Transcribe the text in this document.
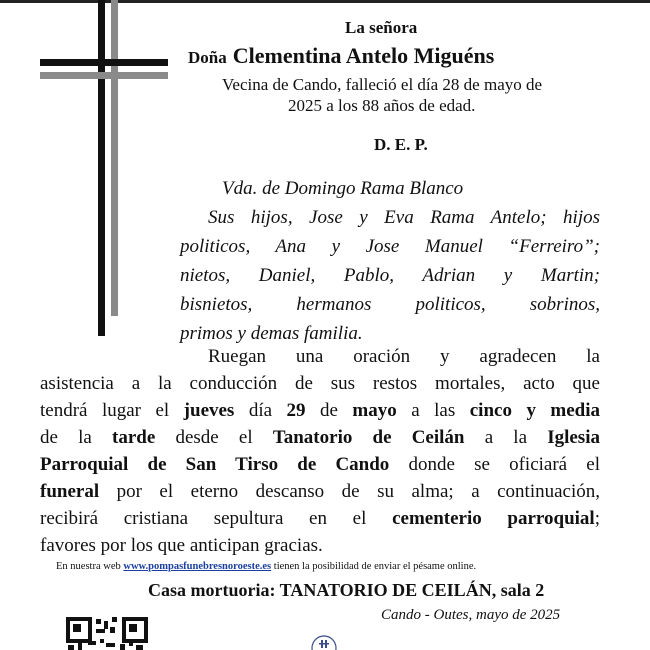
La señora
Doña Clementina Antelo Miguéns
Vecina de Cando, falleció el día 28 de mayo de
2025 a los 88 años de edad.
D. E. P.
Vda. de Domingo Rama Blanco
Sus hijos, Jose y Eva Rama Antelo; hijos
politicos, Ana y Jose Manuel “Ferreiro”;
nietos, Daniel, Pablo, Adrian y Martin;
bisnietos, hermanos politicos, sobrinos,
primos y demas familia.
Ruegan una oración y agradecen la
asistencia a la conducción de sus restos mortales, acto que
tendrá lugar el jueves día 29 de mayo a las cinco y media
de la tarde desde el Tanatorio de Ceilán a la Iglesia
Parroquial de San Tirso de Cando donde se oficiará el
funeral por el eterno descanso de su alma; a continuación,
recibirá cristiana sepultura en el cementerio parroquial;
favores por los que anticipan gracias.
En nuestra web www.pompasfunebresnoroeste.es tienen la posibilidad de enviar el pésame online.
Casa mortuoria: TANATORIO DE CEILÁN, sala 2
Cando - Outes, mayo de 2025
